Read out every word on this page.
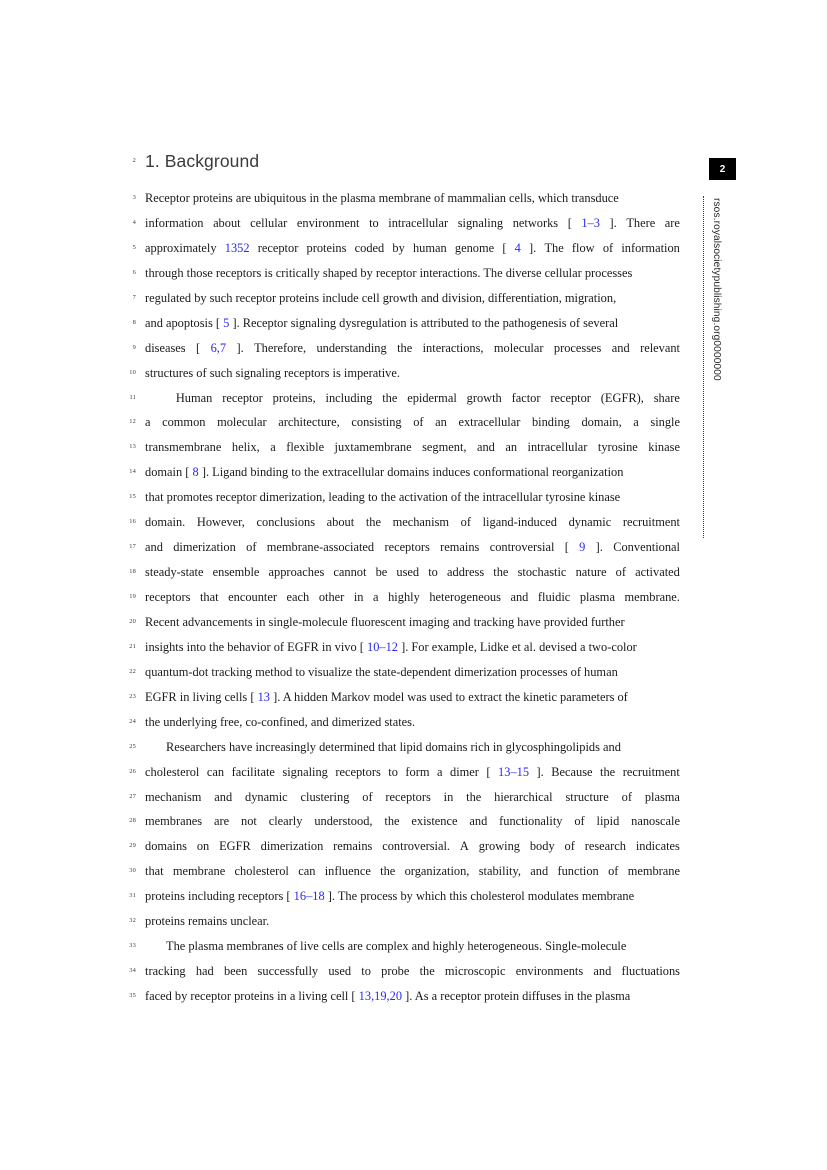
2 1. Background
3 Receptor proteins are ubiquitous in the plasma membrane of mammalian cells, which transduce
4 information about cellular environment to intracellular signaling networks [ 1–3 ]. There are
5 approximately 1352 receptor proteins coded by human genome [ 4 ]. The flow of information
6 through those receptors is critically shaped by receptor interactions. The diverse cellular processes
7 regulated by such receptor proteins include cell growth and division, differentiation, migration,
8 and apoptosis [ 5 ]. Receptor signaling dysregulation is attributed to the pathogenesis of several
9 diseases [ 6,7 ]. Therefore, understanding the interactions, molecular processes and relevant
10 structures of such signaling receptors is imperative.
11	Human receptor proteins, including the epidermal growth factor receptor (EGFR), share
12 a common molecular architecture, consisting of an extracellular binding domain, a single
13 transmembrane helix, a flexible juxtamembrane segment, and an intracellular tyrosine kinase
14 domain [ 8 ]. Ligand binding to the extracellular domains induces conformational reorganization
15 that promotes receptor dimerization, leading to the activation of the intracellular tyrosine kinase
16 domain. However, conclusions about the mechanism of ligand-induced dynamic recruitment
17 and dimerization of membrane-associated receptors remains controversial [ 9 ]. Conventional
18 steady-state ensemble approaches cannot be used to address the stochastic nature of activated
19 receptors that encounter each other in a highly heterogeneous and fluidic plasma membrane.
20 Recent advancements in single-molecule fluorescent imaging and tracking have provided further
21 insights into the behavior of EGFR in vivo [ 10–12 ]. For example, Lidke et al. devised a two-color
22 quantum-dot tracking method to visualize the state-dependent dimerization processes of human
23 EGFR in living cells [ 13 ]. A hidden Markov model was used to extract the kinetic parameters of
24 the underlying free, co-confined, and dimerized states.
25 Researchers have increasingly determined that lipid domains rich in glycosphingolipids and
26 cholesterol can facilitate signaling receptors to form a dimer [ 13–15 ]. Because the recruitment
27 mechanism and dynamic clustering of receptors in the hierarchical structure of plasma
28 membranes are not clearly understood, the existence and functionality of lipid nanoscale
29 domains on EGFR dimerization remains controversial. A growing body of research indicates
30 that membrane cholesterol can influence the organization, stability, and function of membrane
31 proteins including receptors [ 16–18 ]. The process by which this cholesterol modulates membrane
32 proteins remains unclear.
33 The plasma membranes of live cells are complex and highly heterogeneous. Single-molecule
34 tracking had been successfully used to probe the microscopic environments and fluctuations
35 faced by receptor proteins in a living cell [ 13,19,20 ]. As a receptor protein diffuses in the plasma
2
rsos.royalsocietypublishing.org0000000
